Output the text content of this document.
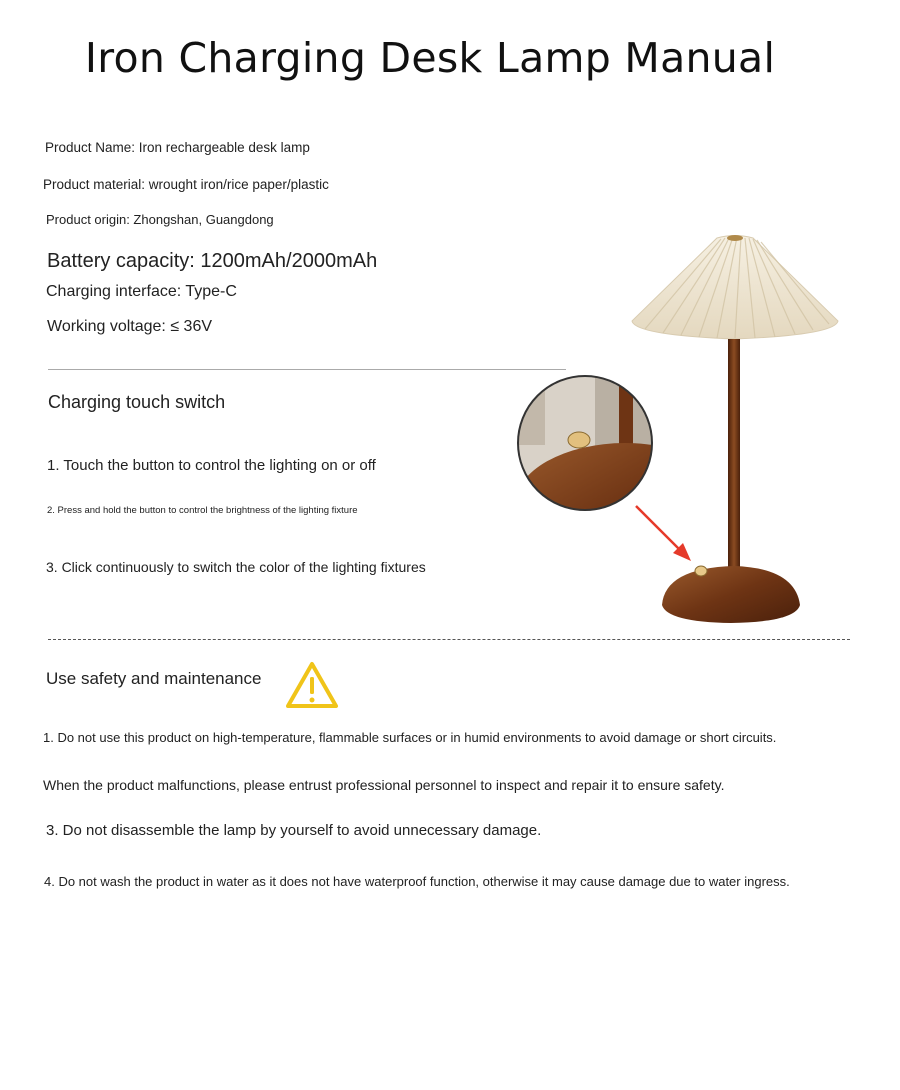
Iron Charging Desk Lamp Manual
Product Name: Iron rechargeable desk lamp
Product material: wrought iron/rice paper/plastic
Product origin: Zhongshan, Guangdong
Battery capacity: 1200mAh/2000mAh
Charging interface: Type-C
Working voltage: ≤ 36V
Charging touch switch
1. Touch the button to control the lighting on or off
2. Press and hold the button to control the brightness of the lighting fixture
3. Click continuously to switch the color of the lighting fixtures
Use safety and maintenance
1. Do not use this product on high-temperature, flammable surfaces or in humid environments to avoid damage or short circuits.
When the product malfunctions, please entrust professional personnel to inspect and repair it to ensure safety.
3. Do not disassemble the lamp by yourself to avoid unnecessary damage.
4. Do not wash the product in water as it does not have waterproof function, otherwise it may cause damage due to water ingress.
